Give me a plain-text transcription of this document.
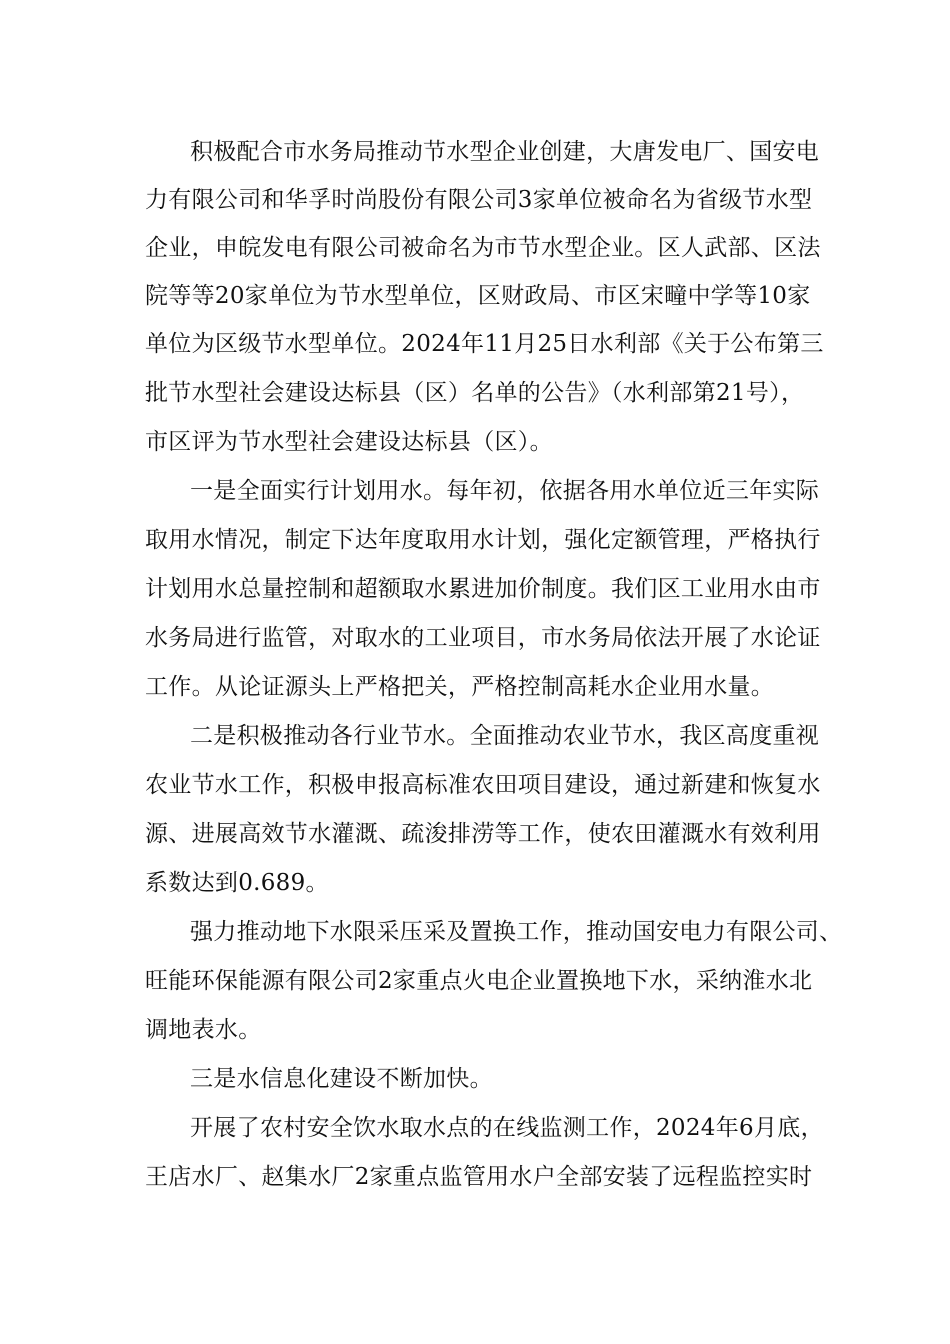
积极配合市水务局推动节水型企业创建，大唐发电厂、国安电
力有限公司和华孚时尚股份有限公司3家单位被命名为省级节水型
企业，申皖发电有限公司被命名为市节水型企业。区人武部、区法
院等等20家单位为节水型单位，区财政局、市区宋疃中学等10家
单位为区级节水型单位。2024年11月25日水利部《关于公布第三
批节水型社会建设达标县（区）名单的公告》（水利部第21号），
市区评为节水型社会建设达标县（区）。
一是全面实行计划用水。每年初，依据各用水单位近三年实际
取用水情况，制定下达年度取用水计划，强化定额管理，严格执行
计划用水总量控制和超额取水累进加价制度。我们区工业用水由市
水务局进行监管，对取水的工业项目，市水务局依法开展了水论证
工作。从论证源头上严格把关，严格控制高耗水企业用水量。
二是积极推动各行业节水。全面推动农业节水，我区高度重视
农业节水工作，积极申报高标准农田项目建设，通过新建和恢复水
源、进展高效节水灌溉、疏浚排涝等工作，使农田灌溉水有效利用
系数达到0.689。
强力推动地下水限采压采及置换工作，推动国安电力有限公司、
旺能环保能源有限公司2家重点火电企业置换地下水，采纳淮水北
调地表水。
三是水信息化建设不断加快。
开展了农村安全饮水取水点的在线监测工作，2024年6月底，
王店水厂、赵集水厂2家重点监管用水户全部安装了远程监控实时
